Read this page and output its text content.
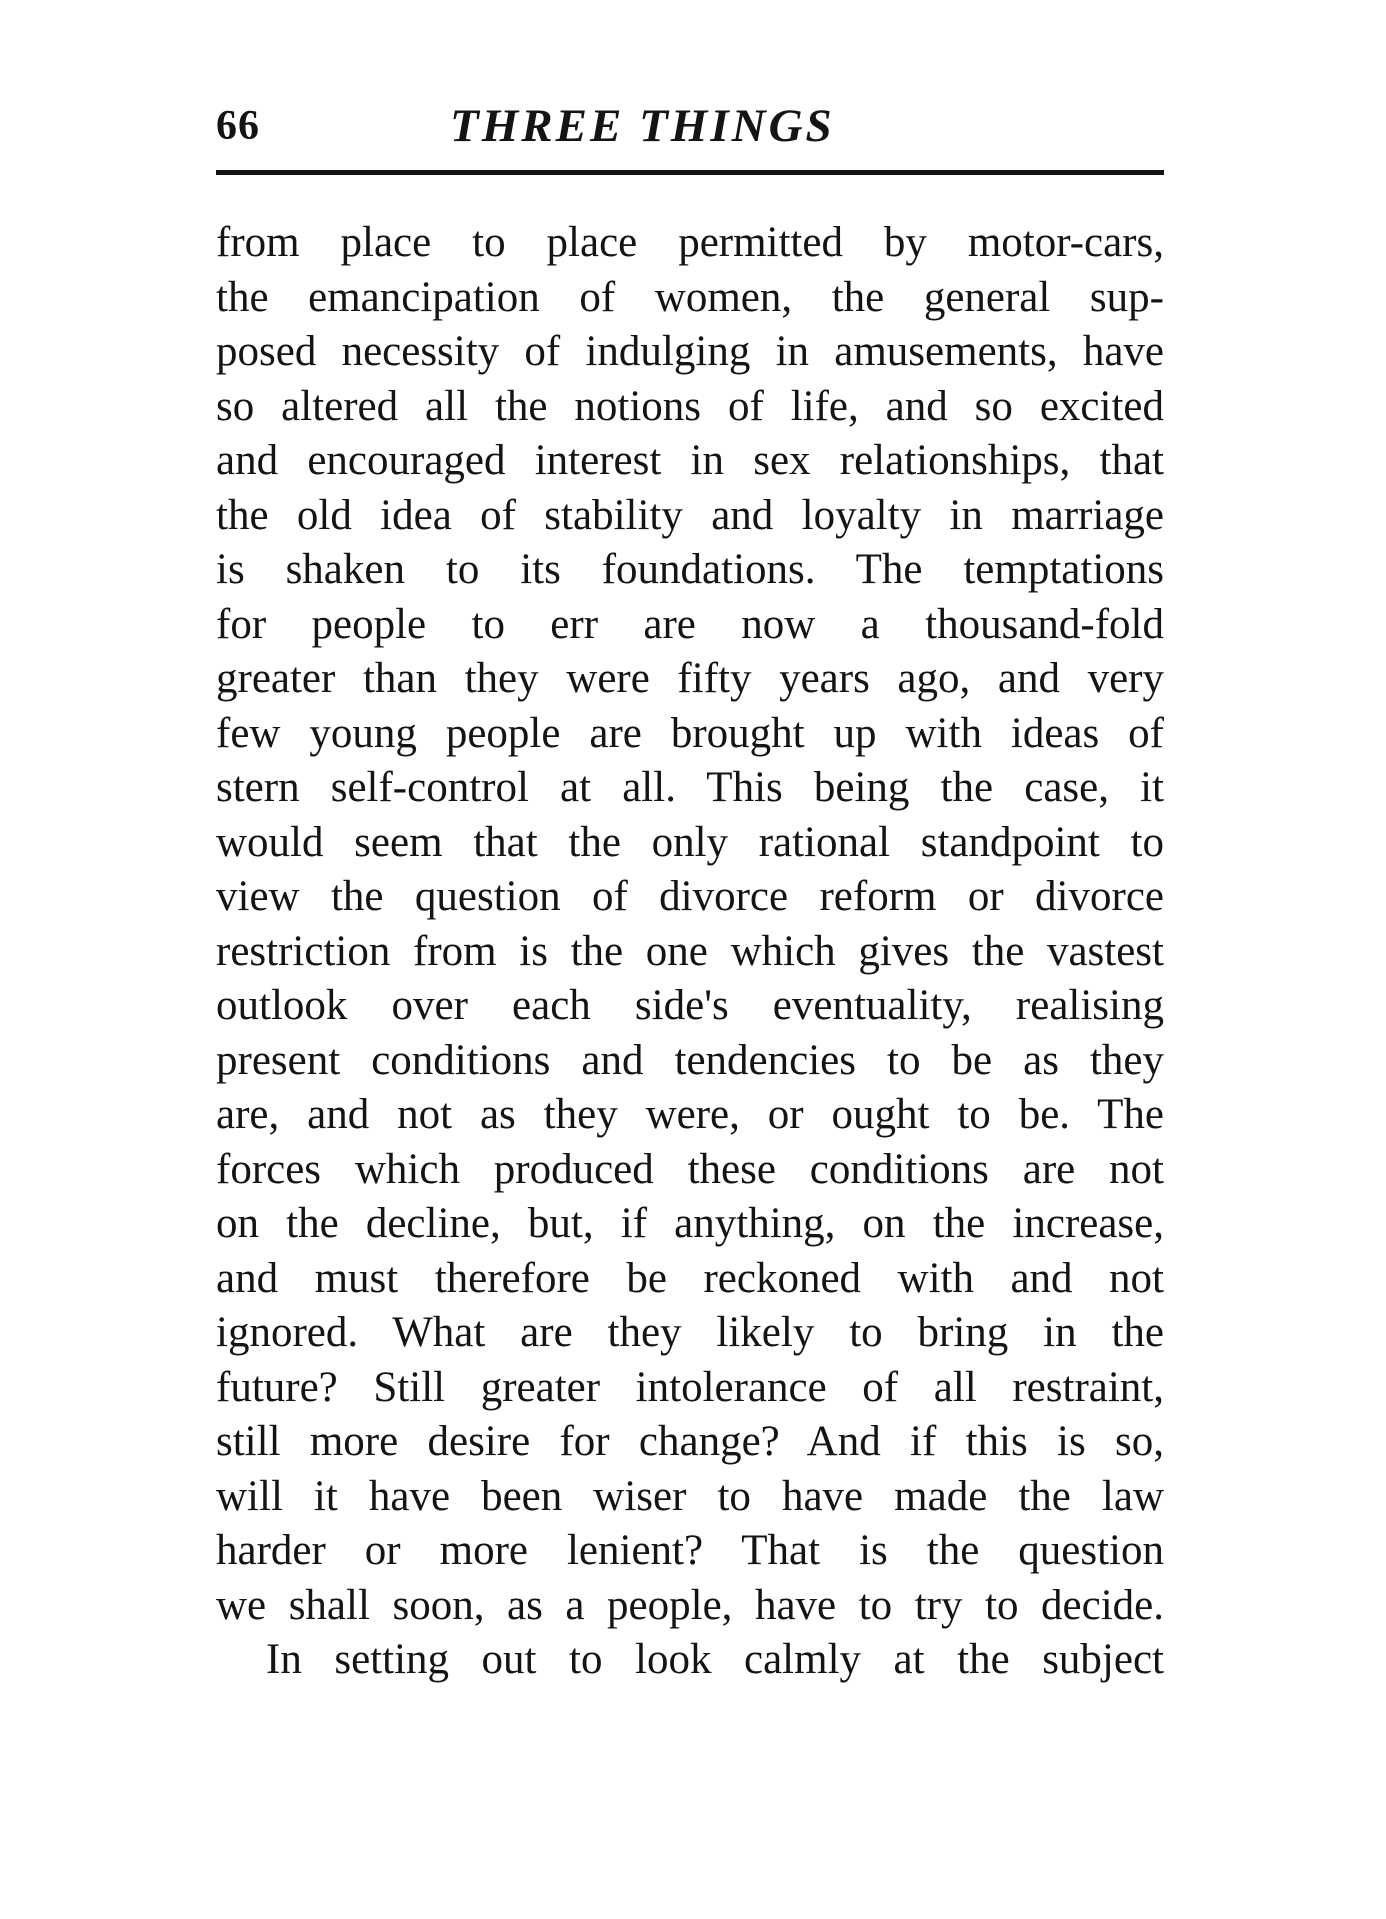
66	THREE THINGS
from place to place permitted by motor-cars,
the emancipation of women, the general sup-
posed necessity of indulging in amusements, have
so altered all the notions of life, and so excited
and encouraged interest in sex relationships, that
the old idea of stability and loyalty in marriage
is shaken to its foundations. The temptations
for people to err are now a thousand-fold
greater than they were fifty years ago, and very
few young people are brought up with ideas of
stern self-control at all. This being the case, it
would seem that the only rational standpoint to
view the question of divorce reform or divorce
restriction from is the one which gives the vastest
outlook over each side's eventuality, realising
present conditions and tendencies to be as they
are, and not as they were, or ought to be. The
forces which produced these conditions are not
on the decline, but, if anything, on the increase,
and must therefore be reckoned with and not
ignored. What are they likely to bring in the
future? Still greater intolerance of all restraint,
still more desire for change? And if this is so,
will it have been wiser to have made the law
harder or more lenient? That is the question
we shall soon, as a people, have to try to decide.
In setting out to look calmly at the subject
